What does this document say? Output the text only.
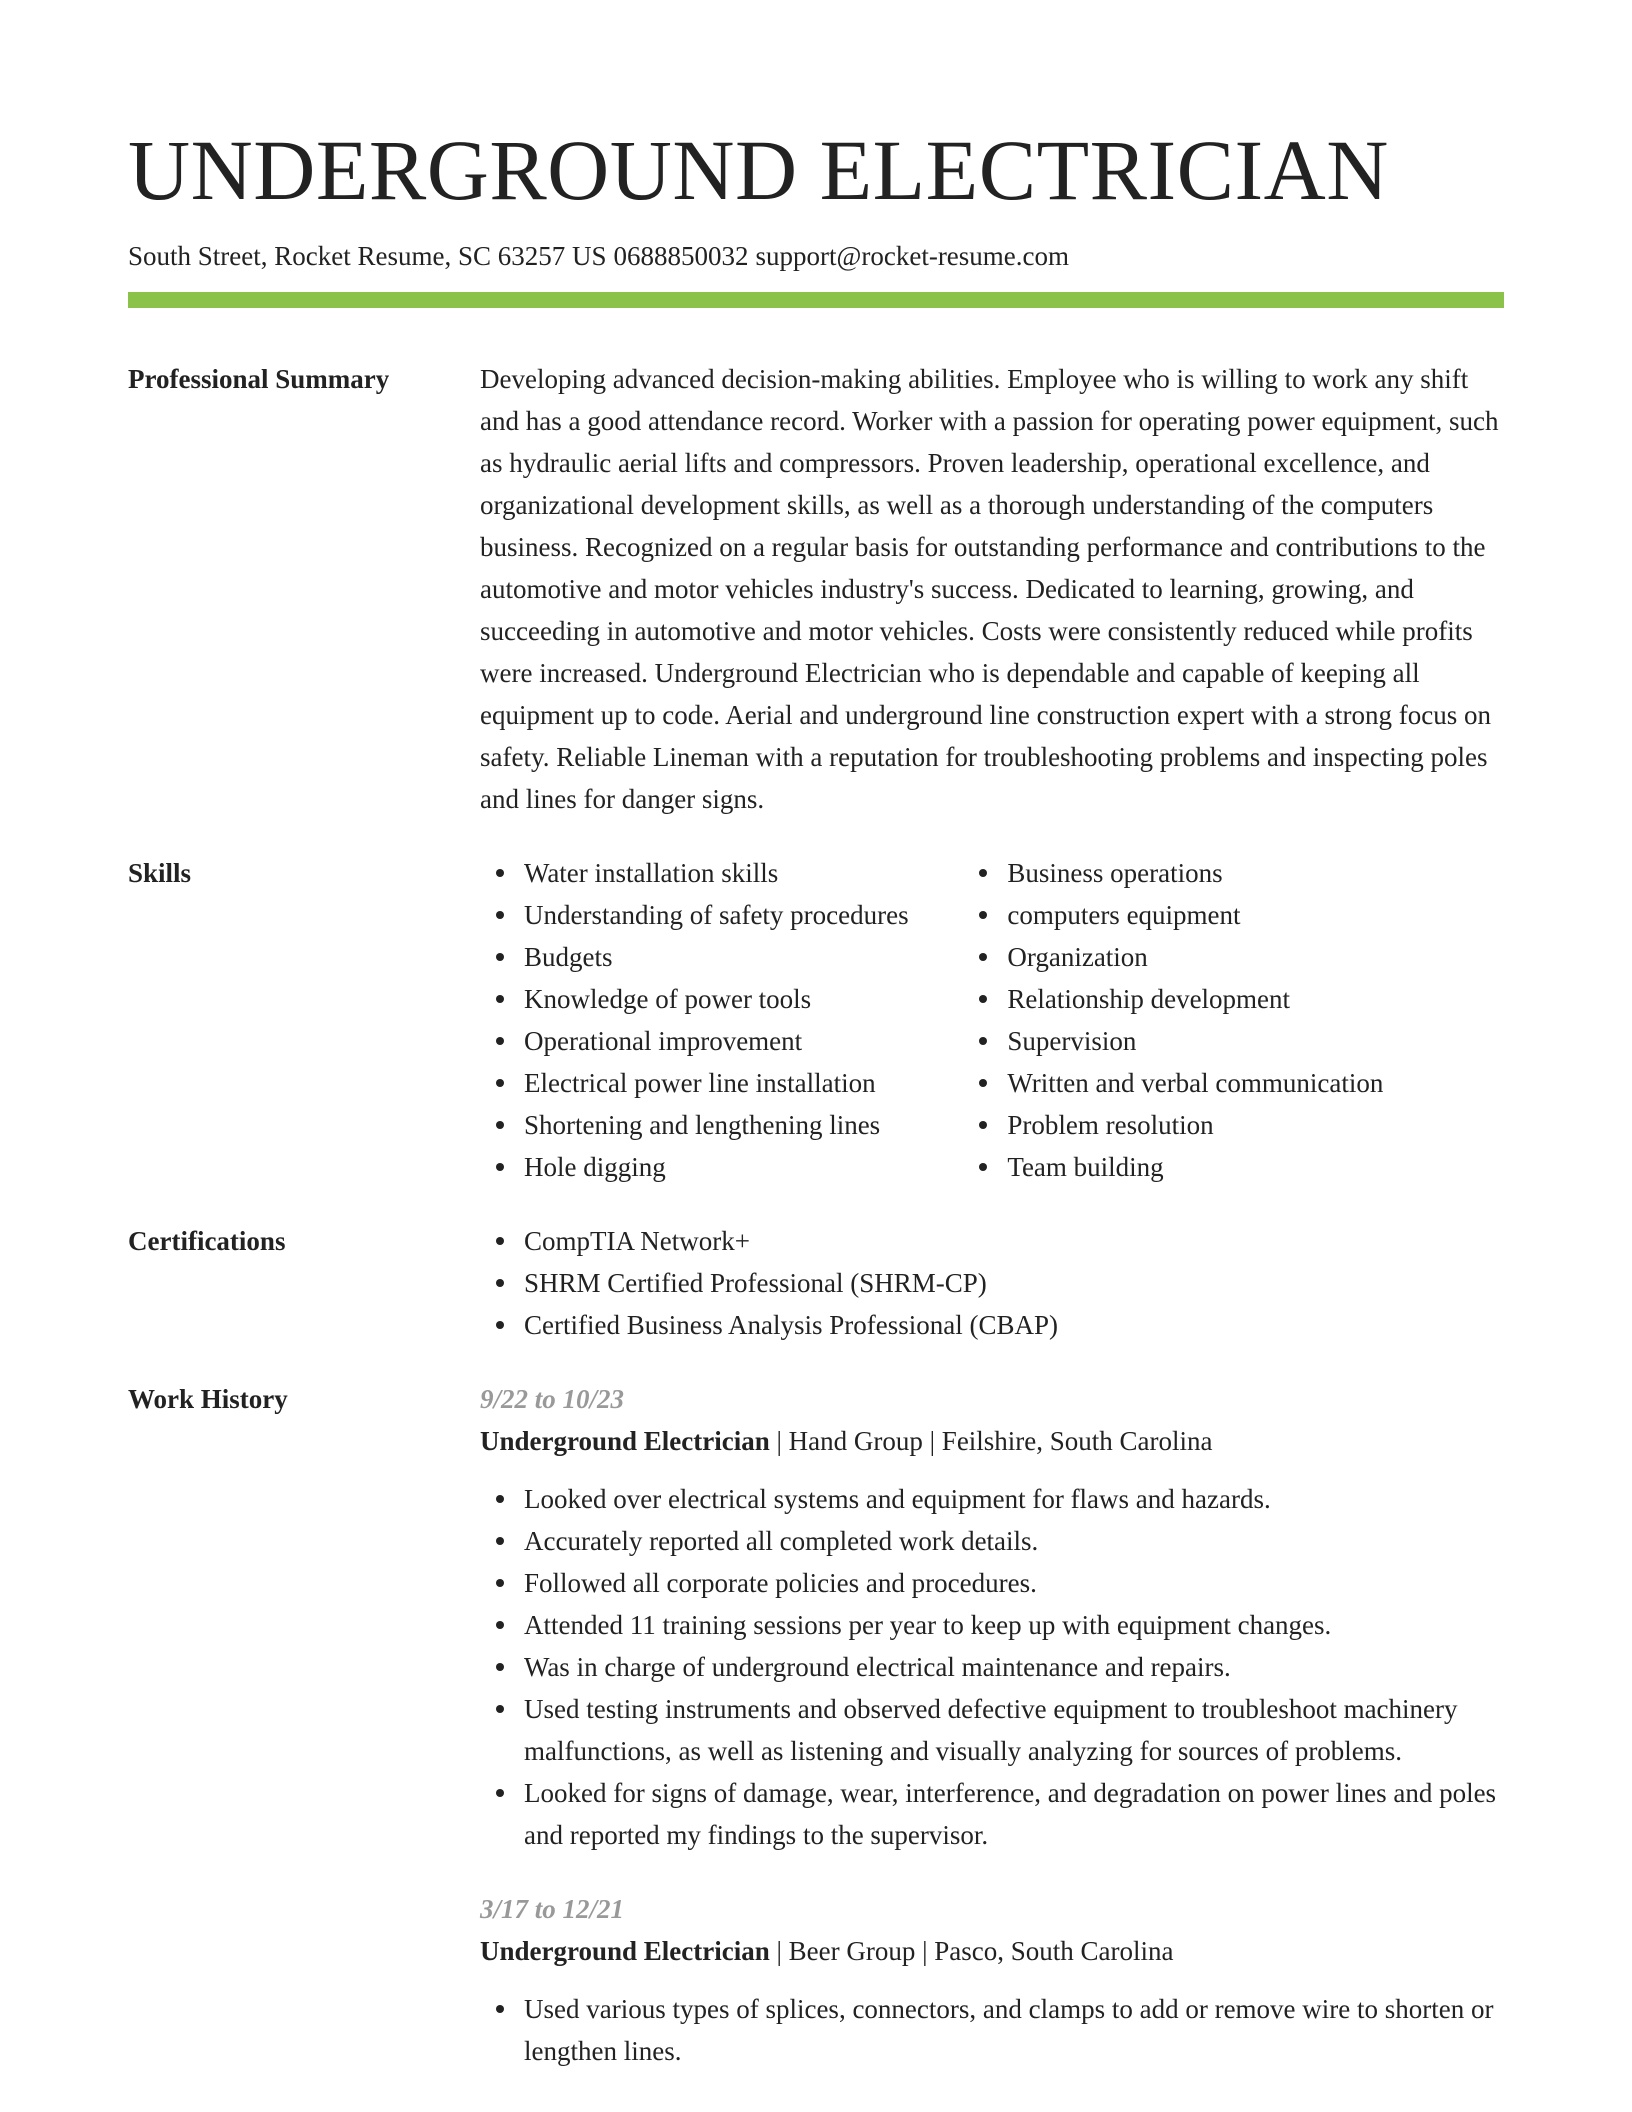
UNDERGROUND ELECTRICIAN
South Street, Rocket Resume, SC 63257 US 0688850032 support@rocket-resume.com
Professional Summary	Developing advanced decision-making abilities. Employee who is willing to work any shift and has a good attendance record. Worker with a passion for operating power equipment, such as hydraulic aerial lifts and compressors. Proven leadership, operational excellence, and organizational development skills, as well as a thorough understanding of the computers business. Recognized on a regular basis for outstanding performance and contributions to the automotive and motor vehicles industry's success. Dedicated to learning, growing, and succeeding in automotive and motor vehicles. Costs were consistently reduced while profits were increased. Underground Electrician who is dependable and capable of keeping all equipment up to code. Aerial and underground line construction expert with a strong focus on safety. Reliable Lineman with a reputation for troubleshooting problems and inspecting poles and lines for danger signs.

Skills	Water installation skills
Understanding of safety procedures
Budgets
Knowledge of power tools
Operational improvement
Electrical power line installation
Shortening and lengthening lines
Hole digging
Business operations
computers equipment
Organization
Relationship development
Supervision
Written and verbal communication
Problem resolution
Team building
Certifications	CompTIA Network+
SHRM Certified Professional (SHRM-CP)
Certified Business Analysis Professional (CBAP)
Work History	9/22 to 10/23
Underground Electrician | Hand Group | Feilshire, South Carolina
Looked over electrical systems and equipment for flaws and hazards.
Accurately reported all completed work details.
Followed all corporate policies and procedures.
Attended 11 training sessions per year to keep up with equipment changes.
Was in charge of underground electrical maintenance and repairs.
Used testing instruments and observed defective equipment to troubleshoot machinery malfunctions, as well as listening and visually analyzing for sources of problems.
Looked for signs of damage, wear, interference, and degradation on power lines and poles and reported my findings to the supervisor.
3/17 to 12/21
Underground Electrician | Beer Group | Pasco, South Carolina
Used various types of splices, connectors, and clamps to add or remove wire to shorten or lengthen lines.
